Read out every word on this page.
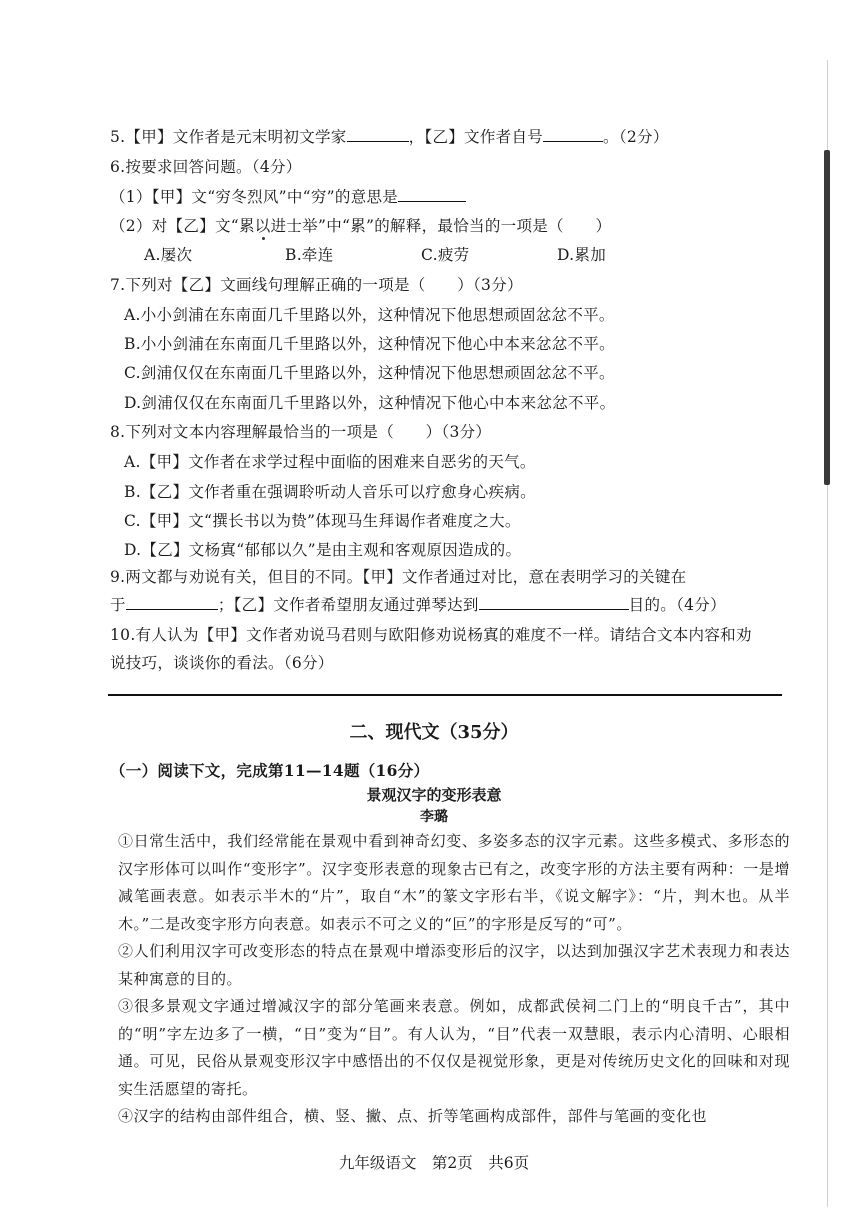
5.【甲】文作者是元末明初文学家	，【乙】文作者自号	。（2分）
6.按要求回答问题。（4分）
（1）【甲】文“穷冬烈风”中“穷”的意思是
（2）对【乙】文“累以进士举”中“累”的解释，最恰当的一项是（　　）
A.屡次	B.牵连	C.疲劳	D.累加
7.下列对【乙】文画线句理解正确的一项是（　　）（3分）
A.小小剑浦在东南面几千里路以外，这种情况下他思想顽固忿忿不平。
B.小小剑浦在东南面几千里路以外，这种情况下他心中本来忿忿不平。
C.剑浦仅仅在东南面几千里路以外，这种情况下他思想顽固忿忿不平。
D.剑浦仅仅在东南面几千里路以外，这种情况下他心中本来忿忿不平。
8.下列对文本内容理解最恰当的一项是（　　）（3分）
A.【甲】文作者在求学过程中面临的困难来自恶劣的天气。
B.【乙】文作者重在强调聆听动人音乐可以疗愈身心疾病。
C.【甲】文“撰长书以为贽”体现马生拜谒作者难度之大。
D.【乙】文杨寘“郁郁以久”是由主观和客观原因造成的。
9.两文都与劝说有关，但目的不同。【甲】文作者通过对比，意在表明学习的关键在
于	；【乙】文作者希望朋友通过弹琴达到	目的。（4分）
10.有人认为【甲】文作者劝说马君则与欧阳修劝说杨寘的难度不一样。请结合文本内容和劝
说技巧，谈谈你的看法。（6分）
二、现代文（35分）
（一）阅读下文，完成第11—14题（16分）
景观汉字的变形表意
李璐

①日常生活中，我们经常能在景观中看到神奇幻变、多姿多态的汉字元素。这些多模式、多形态的汉字形体可以叫作“变形字”。汉字变形表意的现象古已有之，改变字形的方法主要有两种：一是增减笔画表意。如表示半木的“片”，取自“木”的篆文字形右半，《说文解字》：“片，判木也。从半木。”二是改变字形方向表意。如表示不可之义的“叵”的字形是反写的“可”。

②人们利用汉字可改变形态的特点在景观中增添变形后的汉字，以达到加强汉字艺术表现力和表达某种寓意的目的。

③很多景观文字通过增减汉字的部分笔画来表意。例如，成都武侯祠二门上的“明良千古”，其中的“明”字左边多了一横，“日”变为“目”。有人认为，“目”代表一双慧眼，表示内心清明、心眼相通。可见，民俗从景观变形汉字中感悟出的不仅仅是视觉形象，更是对传统历史文化的回味和对现实生活愿望的寄托。

④汉字的结构由部件组合，横、竖、撇、点、折等笔画构成部件，部件与笔画的变化也

九年级语文　第2页　共6页
